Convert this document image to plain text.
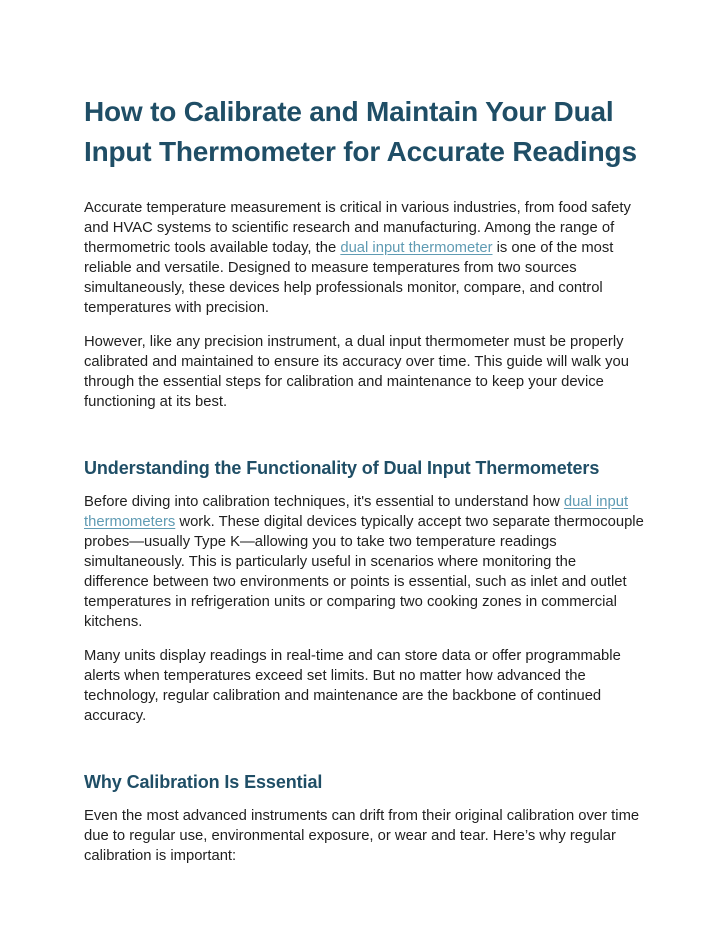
How to Calibrate and Maintain Your Dual
Input Thermometer for Accurate Readings

Accurate temperature measurement is critical in various industries, from food safety and HVAC systems to scientific research and manufacturing. Among the range of thermometric tools available today, the dual input thermometer is one of the most reliable and versatile. Designed to measure temperatures from two sources simultaneously, these devices help professionals monitor, compare, and control temperatures with precision.

However, like any precision instrument, a dual input thermometer must be properly calibrated and maintained to ensure its accuracy over time. This guide will walk you through the essential steps for calibration and maintenance to keep your device functioning at its best.

Understanding the Functionality of Dual Input Thermometers

Before diving into calibration techniques, it's essential to understand how dual input thermometers work. These digital devices typically accept two separate thermocouple probes—usually Type K—allowing you to take two temperature readings simultaneously. This is particularly useful in scenarios where monitoring the difference between two environments or points is essential, such as inlet and outlet temperatures in refrigeration units or comparing two cooking zones in commercial kitchens.

Many units display readings in real-time and can store data or offer programmable alerts when temperatures exceed set limits. But no matter how advanced the technology, regular calibration and maintenance are the backbone of continued accuracy.

Why Calibration Is Essential

Even the most advanced instruments can drift from their original calibration over time due to regular use, environmental exposure, or wear and tear. Here’s why regular calibration is important:
